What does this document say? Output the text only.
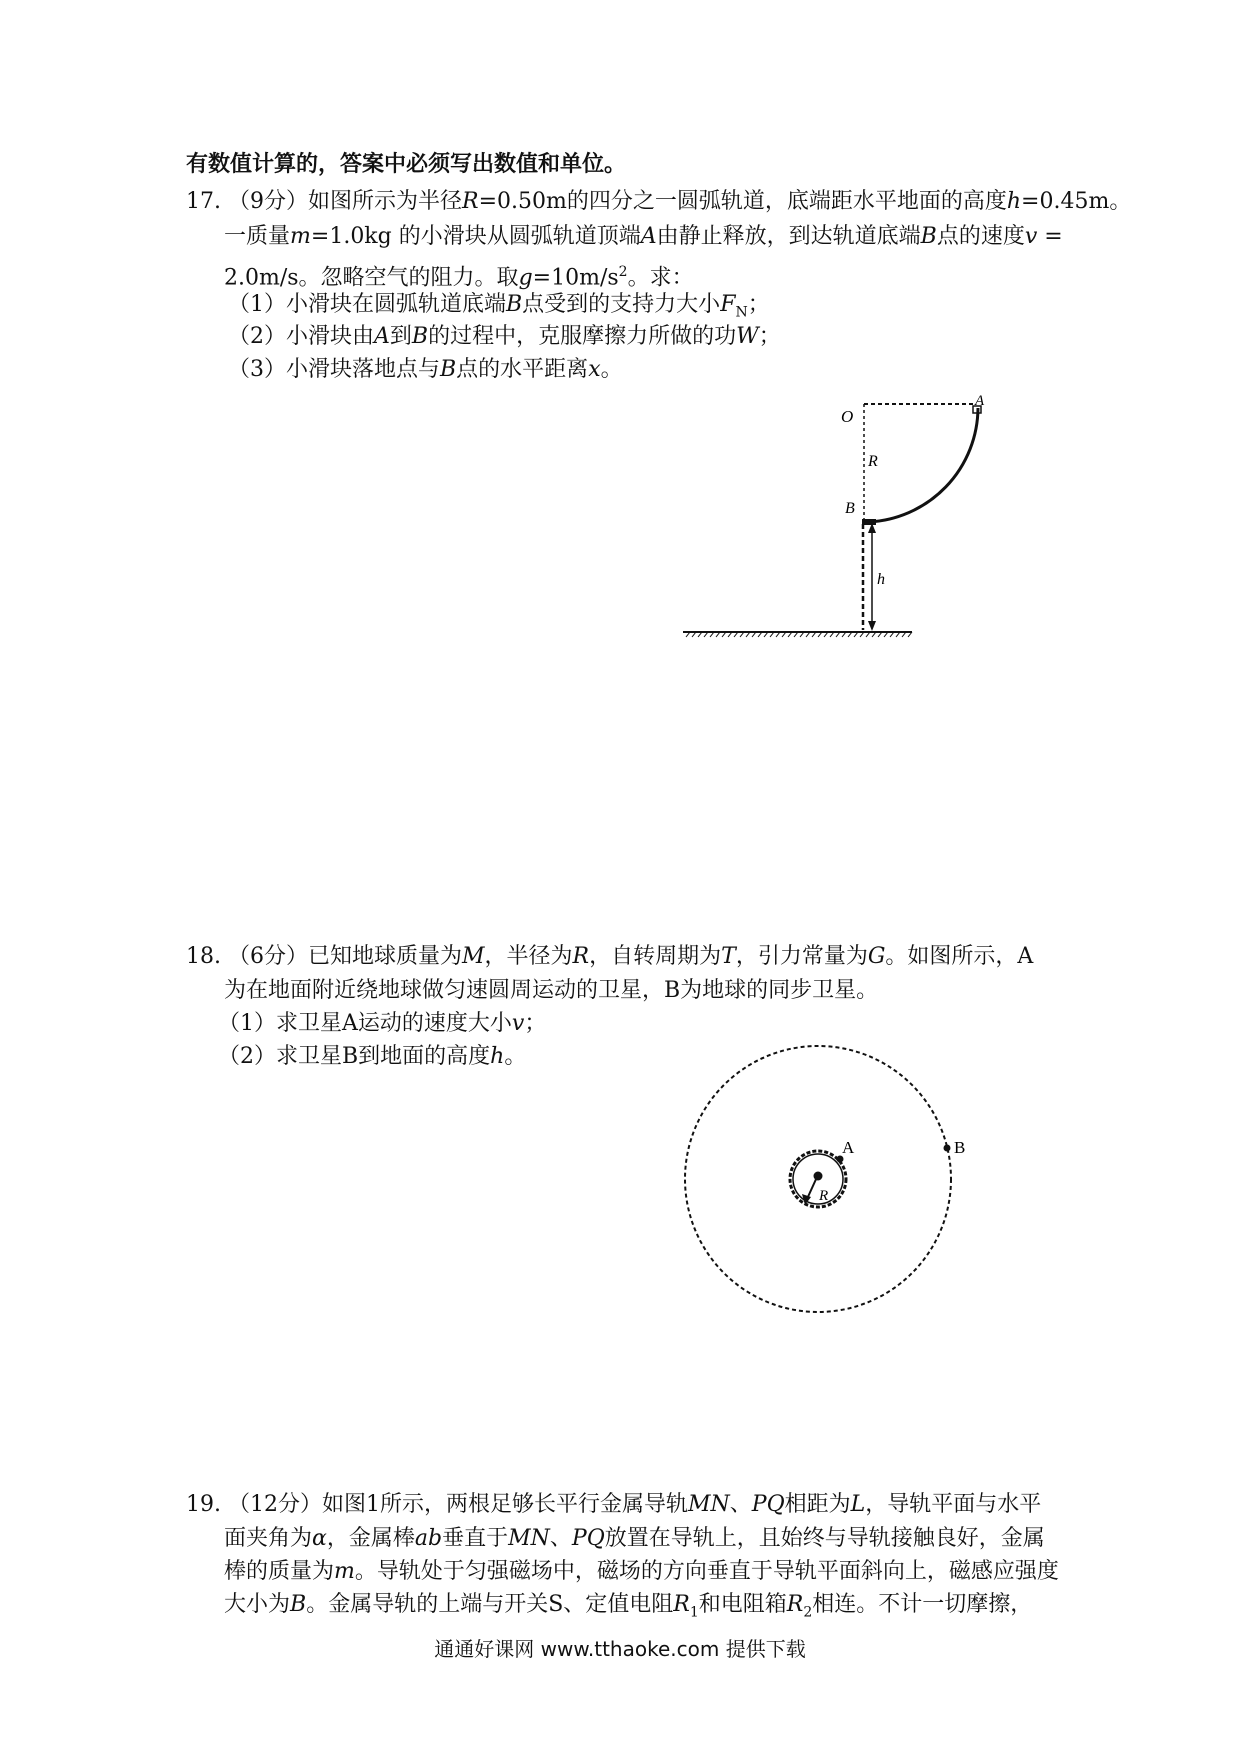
有数值计算的，答案中必须写出数值和单位。
17. （9分）如图所示为半径R=0.50m的四分之一圆弧轨道，底端距水平地面的高度h=0.45m。
一质量m=1.0kg 的小滑块从圆弧轨道顶端A由静止释放，到达轨道底端B点的速度v =
2.0m/s。忽略空气的阻力。取$g=10m/s^2$。求：
（1）小滑块在圆弧轨道底端B点受到的支持力大小$F_N$；
（2）小滑块由A到B的过程中，克服摩擦力所做的功W；
（3）小滑块落地点与B点的水平距离x。
O
A
R
B
h
18. （6分）已知地球质量为M，半径为R，自转周期为T，引力常量为G。如图所示，A
为在地面附近绕地球做匀速圆周运动的卫星，B为地球的同步卫星。
（1）求卫星A运动的速度大小v；
（2）求卫星B到地面的高度h。
A	B
R
19. （12分）如图1所示，两根足够长平行金属导轨MN、PQ相距为L，导轨平面与水平
面夹角为α，金属棒ab垂直于MN、PQ放置在导轨上，且始终与导轨接触良好，金属
棒的质量为m。导轨处于匀强磁场中，磁场的方向垂直于导轨平面斜向上，磁感应强度
大小为B。金属导轨的上端与开关S、定值电阻$R_1$和电阻箱$R_2$相连。不计一切摩擦，
通通好课网 www.tthaoke.com 提供下载
